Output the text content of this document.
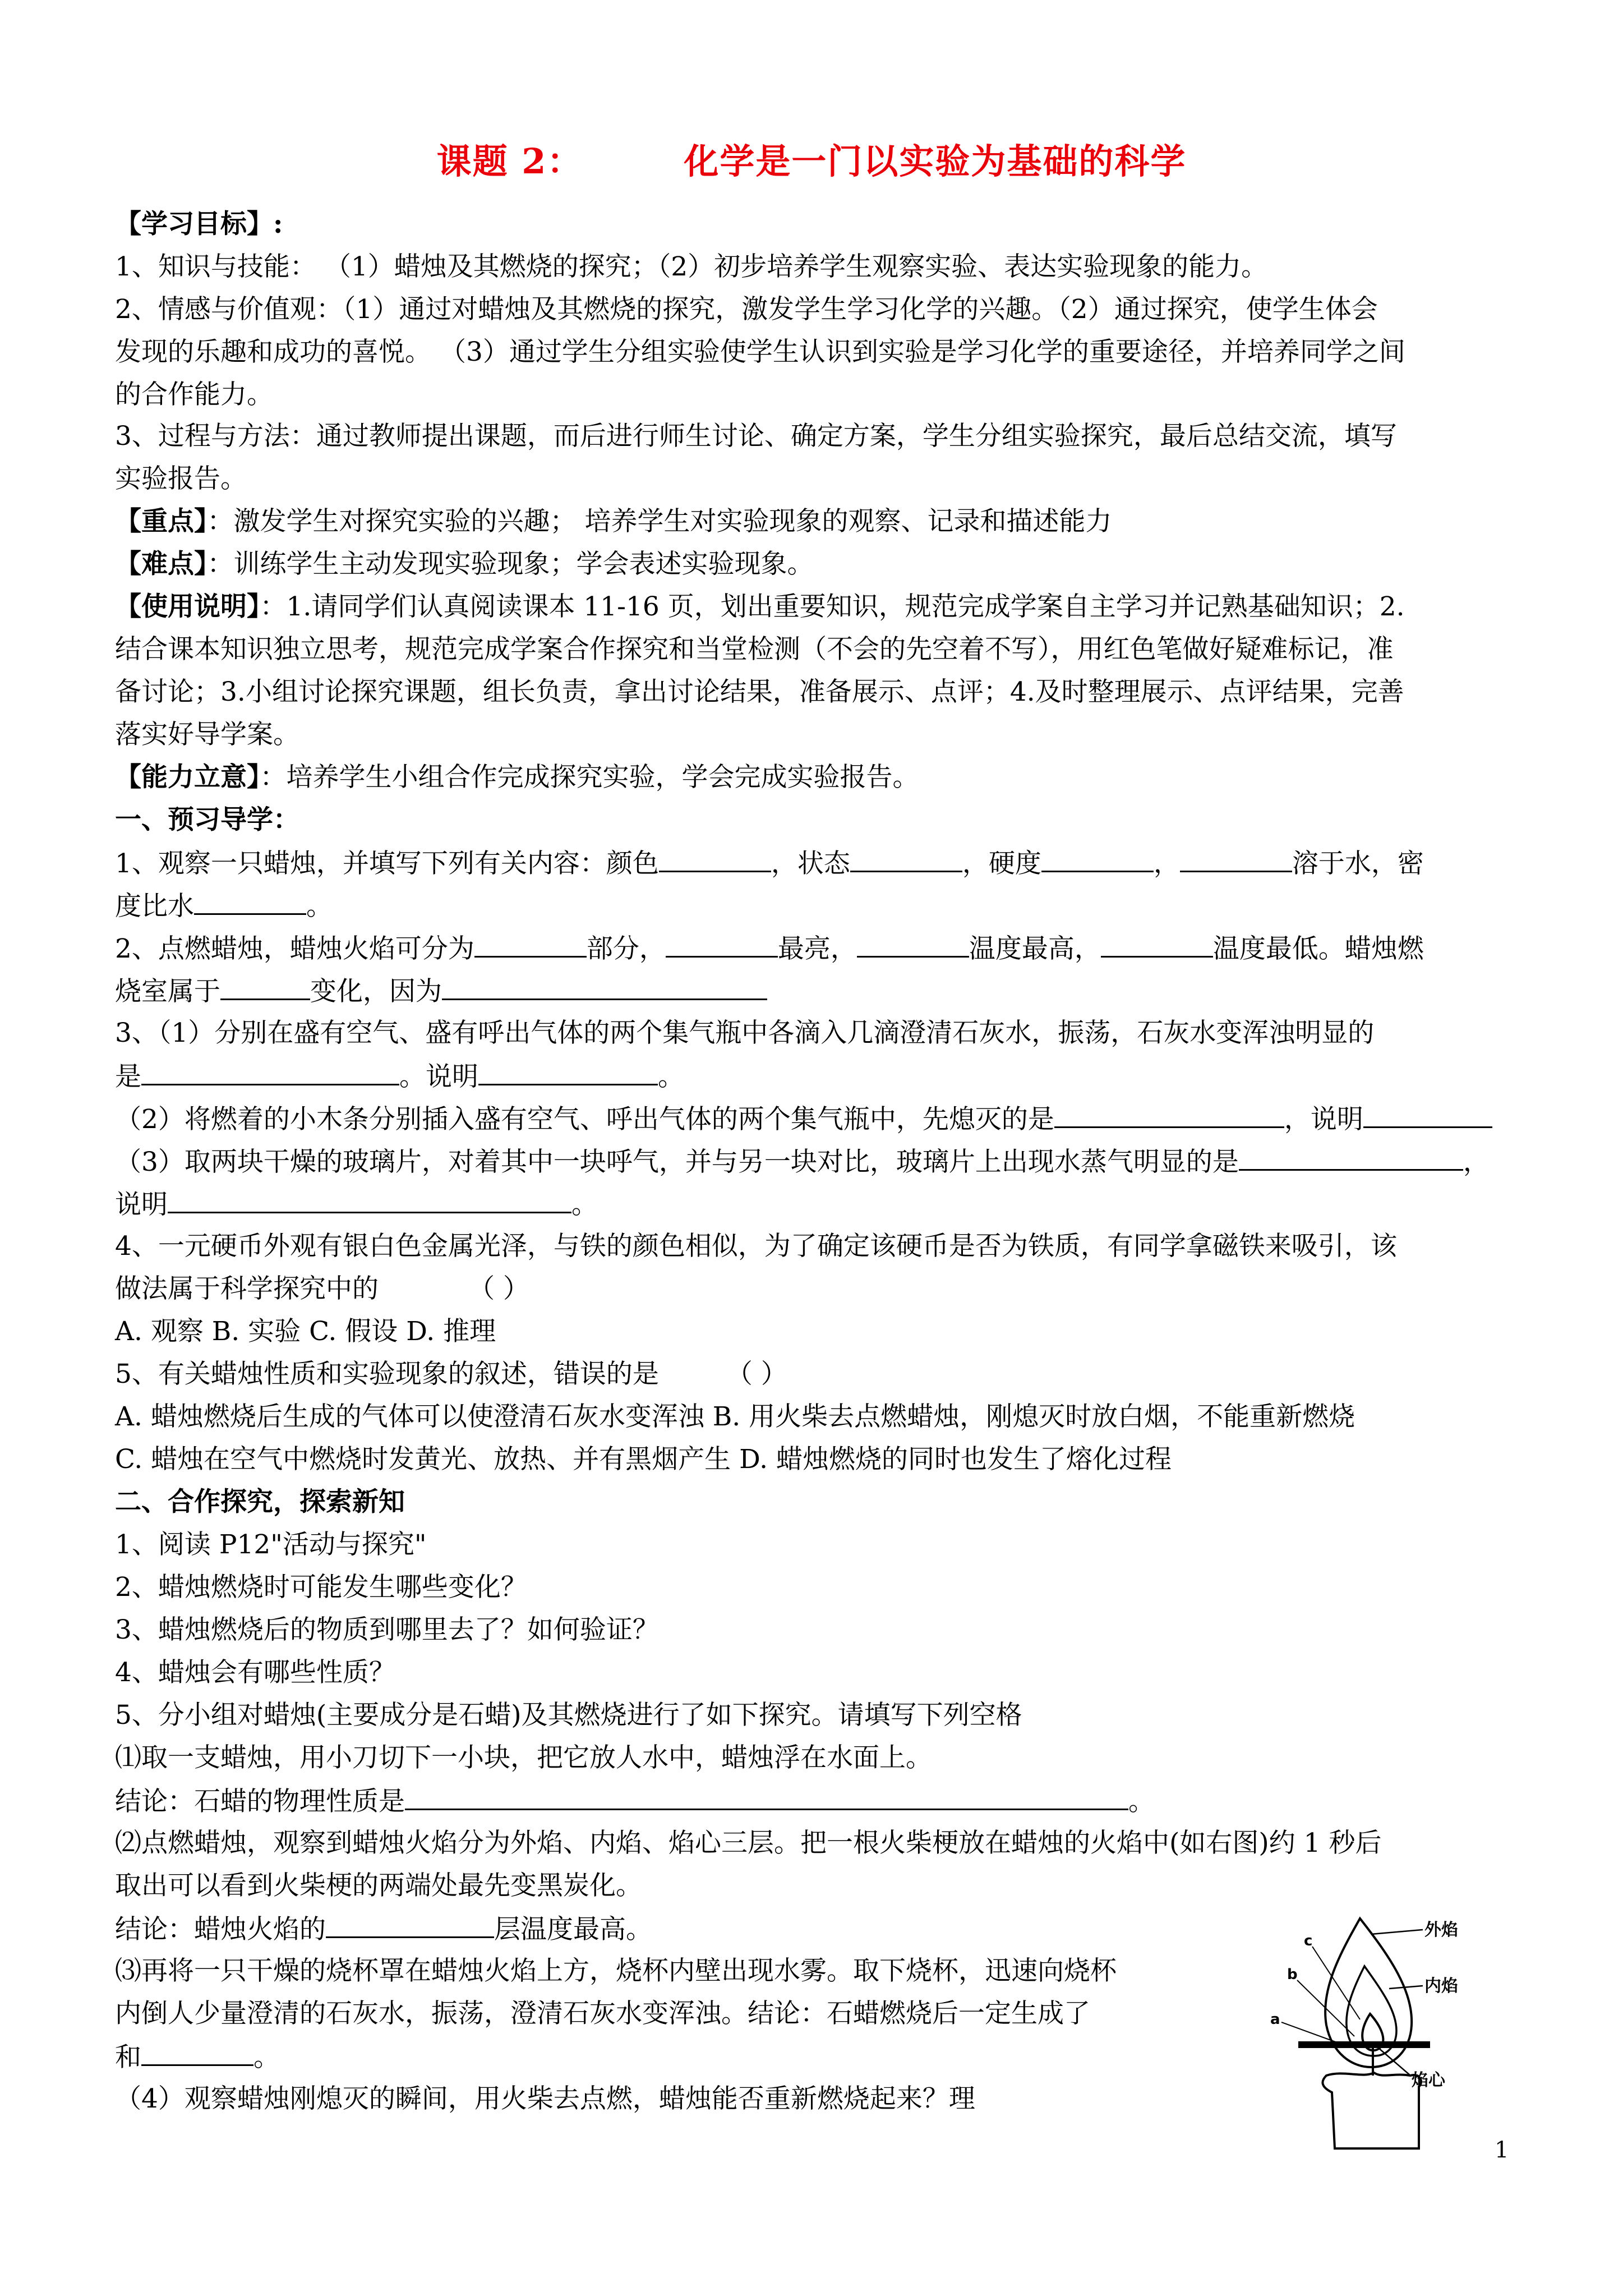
课题 2：	化学是一门以实验为基础的科学
【学习目标】:
1、知识与技能： （1）蜡烛及其燃烧的探究；（2）初步培养学生观察实验、表达实验现象的能力。
2、情感与价值观：（1）通过对蜡烛及其燃烧的探究，激发学生学习化学的兴趣。（2）通过探究，使学生体会
发现的乐趣和成功的喜悦。 （3）通过学生分组实验使学生认识到实验是学习化学的重要途径，并培养同学之间
的合作能力。
3、过程与方法：通过教师提出课题，而后进行师生讨论、确定方案，学生分组实验探究，最后总结交流，填写
实验报告。
【重点】：激发学生对探究实验的兴趣； 培养学生对实验现象的观察、记录和描述能力
【难点】：训练学生主动发现实验现象；学会表述实验现象。
【使用说明】：1.请同学们认真阅读课本 11-16 页，划出重要知识，规范完成学案自主学习并记熟基础知识；2.
结合课本知识独立思考，规范完成学案合作探究和当堂检测（不会的先空着不写），用红色笔做好疑难标记，准
备讨论；3.小组讨论探究课题，组长负责，拿出讨论结果，准备展示、点评；4.及时整理展示、点评结果，完善
落实好导学案。
【能力立意】：培养学生小组合作完成探究实验，学会完成实验报告。
一、预习导学：
1、观察一只蜡烛，并填写下列有关内容：颜色	，状态	，硬度	，	溶于水，密
度比水	。
2、点燃蜡烛，蜡烛火焰可分为	部分，	最亮，	温度最高，	温度最低。蜡烛燃
烧室属于	变化，因为
3、（1）分别在盛有空气、盛有呼出气体的两个集气瓶中各滴入几滴澄清石灰水，振荡，石灰水变浑浊明显的
是	。说明	。
（2）将燃着的小木条分别插入盛有空气、呼出气体的两个集气瓶中，先熄灭的是	，说明
（3）取两块干燥的玻璃片，对着其中一块呼气，并与另一块对比，玻璃片上出现水蒸气明显的是	，
说明	。
4、一元硬币外观有银白色金属光泽，与铁的颜色相似，为了确定该硬币是否为铁质，有同学拿磁铁来吸引，该
做法属于科学探究中的	（ ）
A. 观察 B. 实验 C. 假设 D. 推理
5、有关蜡烛性质和实验现象的叙述，错误的是	（ ）
A. 蜡烛燃烧后生成的气体可以使澄清石灰水变浑浊 B. 用火柴去点燃蜡烛，刚熄灭时放白烟，不能重新燃烧
C. 蜡烛在空气中燃烧时发黄光、放热、并有黑烟产生 D. 蜡烛燃烧的同时也发生了熔化过程
二、合作探究，探索新知
1、阅读 P12"活动与探究"
2、蜡烛燃烧时可能发生哪些变化？
3、蜡烛燃烧后的物质到哪里去了？如何验证？
4、蜡烛会有哪些性质？
5、分小组对蜡烛(主要成分是石蜡)及其燃烧进行了如下探究。请填写下列空格
⑴取一支蜡烛，用小刀切下一小块，把它放人水中，蜡烛浮在水面上。
结论：石蜡的物理性质是	。
⑵点燃蜡烛，观察到蜡烛火焰分为外焰、内焰、焰心三层。把一根火柴梗放在蜡烛的火焰中(如右图)约 1 秒后
取出可以看到火柴梗的两端处最先变黑炭化。
结论：蜡烛火焰的	层温度最高。
⑶再将一只干燥的烧杯罩在蜡烛火焰上方，烧杯内壁出现水雾。取下烧杯，迅速向烧杯
内倒人少量澄清的石灰水，振荡，澄清石灰水变浑浊。结论：石蜡燃烧后一定生成了
和	。
（4）观察蜡烛刚熄灭的瞬间，用火柴去点燃，蜡烛能否重新燃烧起来？理
外焰
内焰
焰心
c
b
a
1
